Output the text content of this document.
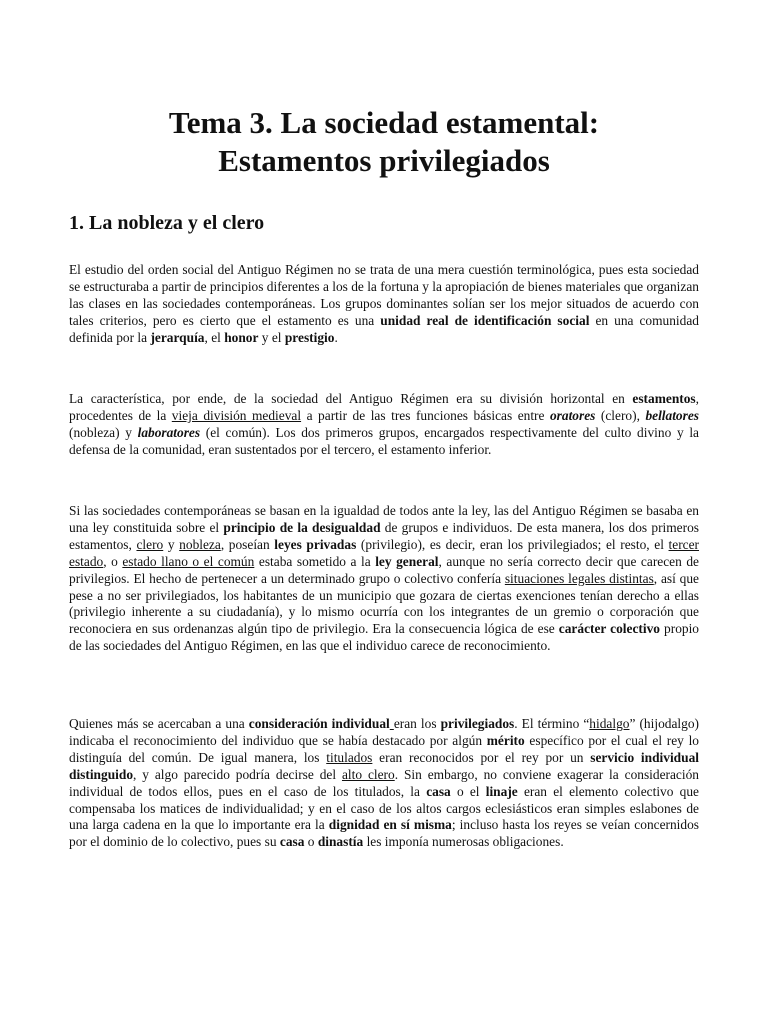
Tema 3. La sociedad estamental:
Estamentos privilegiados
1. La nobleza y el clero

El estudio del orden social del Antiguo Régimen no se trata de una mera cuestión terminológica, pues esta sociedad se estructuraba a partir de principios diferentes a los de la fortuna y la apropiación de bienes materiales que organizan las clases en las sociedades contemporáneas. Los grupos dominantes solían ser los mejor situados de acuerdo con tales criterios, pero es cierto que el estamento es una unidad real de identificación social en una comunidad definida por la jerarquía, el honor y el prestigio.

La característica, por ende, de la sociedad del Antiguo Régimen era su división horizontal en estamentos, procedentes de la vieja división medieval a partir de las tres funciones básicas entre oratores (clero), bellatores (nobleza) y laboratores (el común). Los dos primeros grupos, encargados respectivamente del culto divino y la defensa de la comunidad, eran sustentados por el tercero, el estamento inferior.

Si las sociedades contemporáneas se basan en la igualdad de todos ante la ley, las del Antiguo Régimen se basaba en una ley constituida sobre el principio de la desigualdad de grupos e individuos. De esta manera, los dos primeros estamentos, clero y nobleza, poseían leyes privadas (privilegio), es decir, eran los privilegiados; el resto, el tercer estado, o estado llano o el común estaba sometido a la ley general, aunque no sería correcto decir que carecen de privilegios. El hecho de pertenecer a un determinado grupo o colectivo confería situaciones legales distintas, así que pese a no ser privilegiados, los habitantes de un municipio que gozara de ciertas exenciones tenían derecho a ellas (privilegio inherente a su ciudadanía), y lo mismo ocurría con los integrantes de un gremio o corporación que reconociera en sus ordenanzas algún tipo de privilegio. Era la consecuencia lógica de ese carácter colectivo propio de las sociedades del Antiguo Régimen, en las que el individuo carece de reconocimiento.

Quienes más se acercaban a una consideración individual eran los privilegiados. El término “hidalgo” (hijodalgo) indicaba el reconocimiento del individuo que se había destacado por algún mérito específico por el cual el rey lo distinguía del común. De igual manera, los titulados eran reconocidos por el rey por un servicio individual distinguido, y algo parecido podría decirse del alto clero. Sin embargo, no conviene exagerar la consideración individual de todos ellos, pues en el caso de los titulados, la casa o el linaje eran el elemento colectivo que compensaba los matices de individualidad; y en el caso de los altos cargos eclesiásticos eran simples eslabones de una larga cadena en la que lo importante era la dignidad en sí misma; incluso hasta los reyes se veían concernidos por el dominio de lo colectivo, pues su casa o dinastía les imponía numerosas obligaciones.
